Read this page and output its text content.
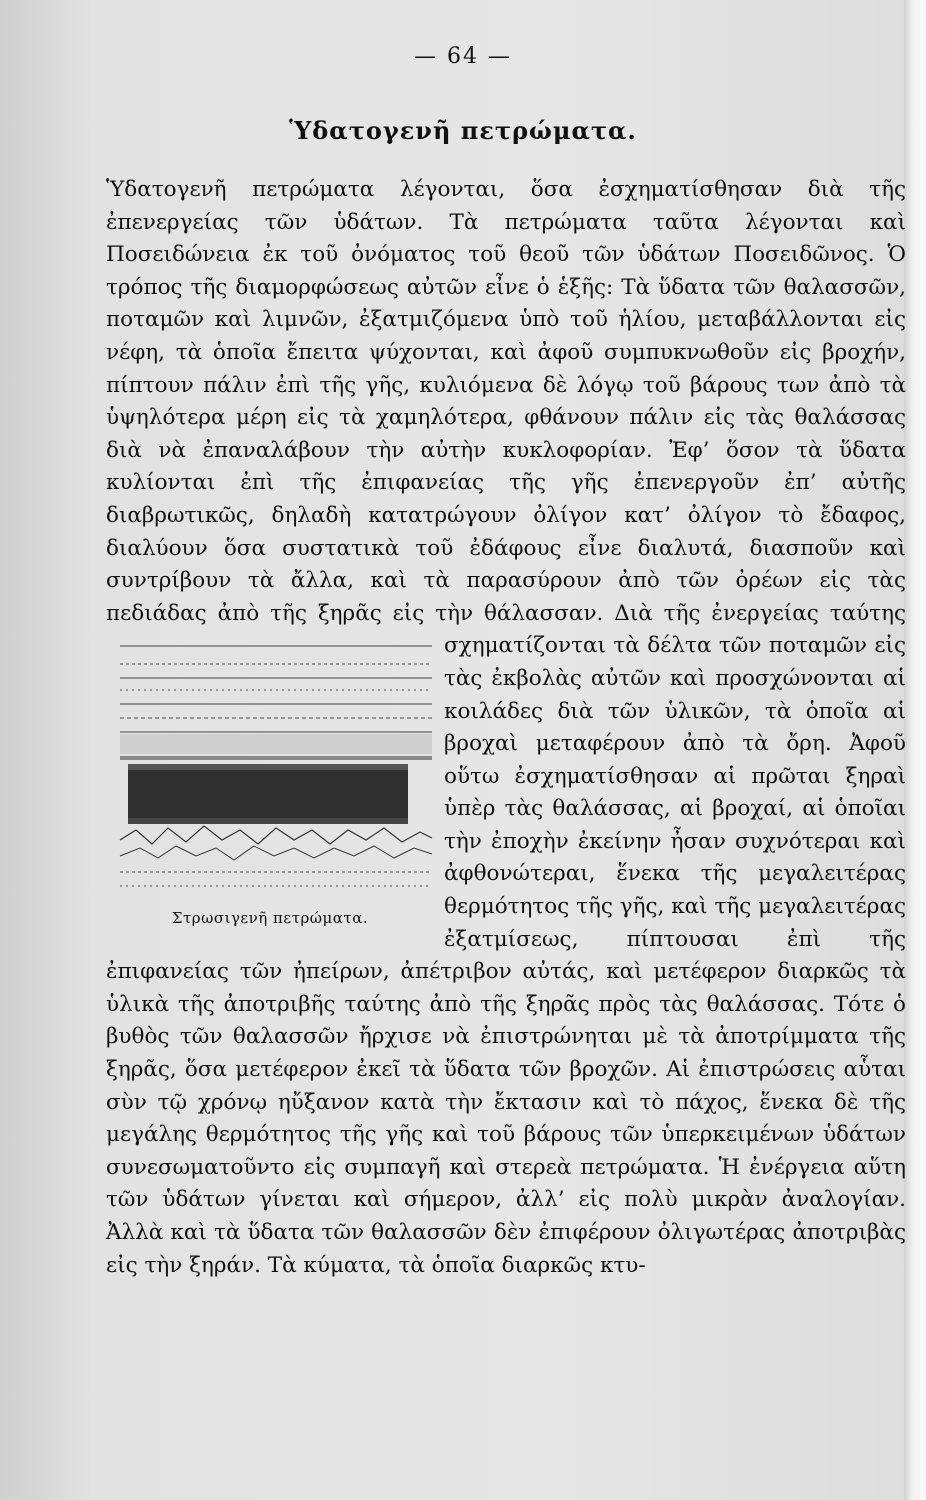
— 64 —
Ὑδατογενῆ πετρώματα.
Ὑδατογενῆ πετρώματα λέγονται, ὅσα ἐσχηματίσθησαν διὰ τῆς ἐπενεργείας τῶν ὑδάτων. Τὰ πετρώματα ταῦτα λέγονται καὶ Ποσειδώνεια ἐκ τοῦ ὀνόματος τοῦ θεοῦ τῶν ὑδάτων Ποσειδῶνος. Ὁ τρόπος τῆς διαμορφώσεως αὐτῶν εἶνε ὁ ἑξῆς: Τὰ ὕδατα τῶν θαλασσῶν, ποταμῶν καὶ λιμνῶν, ἐξατμιζόμενα ὑπὸ τοῦ ἡλίου, μεταβάλλονται εἰς νέφη, τὰ ὁποῖα ἔπειτα ψύχονται, καὶ ἀφοῦ συμπυκνωθοῦν εἰς βροχήν, πίπτουν πάλιν ἐπὶ τῆς γῆς, κυλιόμενα δὲ λόγῳ τοῦ βάρους των ἀπὸ τὰ ὑψηλότερα μέρη εἰς τὰ χαμηλότερα, φθάνουν πάλιν εἰς τὰς θαλάσσας διὰ νὰ ἐπαναλάβουν τὴν αὐτὴν κυκλοφορίαν. Ἐφ’ ὅσον τὰ ὕδατα κυλίονται ἐπὶ τῆς ἐπιφανείας τῆς γῆς ἐπενεργοῦν ἐπ’ αὐτῆς διαβρωτικῶς, δηλαδὴ κατατρώγουν ὀλίγον κατ’ ὀλίγον τὸ ἔδαφος, διαλύουν ὅσα συστατικὰ τοῦ ἐδάφους εἶνε διαλυτά, διασποῦν καὶ συντρίβουν τὰ ἄλλα, καὶ τὰ παρασύρουν ἀπὸ τῶν ὀρέων εἰς τὰς πεδιάδας ἀπὸ τῆς ξηρᾶς εἰς τὴν θάλασσαν.
Στρωσιγενῆ πετρώματα.
Διὰ τῆς ἐνεργείας ταύτης σχηματίζονται τὰ δέλτα τῶν ποταμῶν εἰς τὰς ἐκβολὰς αὐτῶν καὶ προσχώνονται αἱ κοιλάδες διὰ τῶν ὑλικῶν, τὰ ὁποῖα αἱ βροχαὶ μεταφέρουν ἀπὸ τὰ ὄρη. Ἀφοῦ οὕτω ἐσχηματίσθησαν αἱ πρῶται ξηραὶ ὑπὲρ τὰς θαλάσσας, αἱ βροχαί, αἱ ὁποῖαι τὴν ἐποχὴν ἐκείνην ἦσαν συχνότεραι καὶ ἀφθονώτεραι, ἕνεκα τῆς μεγαλειτέρας θερμότητος τῆς γῆς, καὶ τῆς μεγαλειτέρας ἐξατμίσεως, πίπτουσαι ἐπὶ τῆς ἐπιφανείας τῶν ἠπείρων, ἀπέτριβον αὐτάς, καὶ μετέφερον διαρκῶς τὰ ὑλικὰ τῆς ἀποτριβῆς ταύτης ἀπὸ τῆς ξηρᾶς πρὸς τὰς θαλάσσας. Τότε ὁ βυθὸς τῶν θαλασσῶν ἤρχισε νὰ ἐπιστρώνηται μὲ τὰ ἀποτρίμματα τῆς ξηρᾶς, ὅσα μετέφερον ἐκεῖ τὰ ὕδατα τῶν βροχῶν. Αἱ ἐπιστρώσεις αὗται σὺν τῷ χρόνῳ ηὔξανον κατὰ τὴν ἔκτασιν καὶ τὸ πάχος, ἕνεκα δὲ τῆς μεγάλης θερμότητος τῆς γῆς καὶ τοῦ βάρους τῶν ὑπερκειμένων ὑδάτων συνεσωματοῦντο εἰς συμπαγῆ καὶ στερεὰ πετρώματα. Ἡ ἐνέργεια αὕτη τῶν ὑδάτων γίνεται καὶ σήμερον, ἀλλ’ εἰς πολὺ μικρὰν ἀναλογίαν. Ἀλλὰ καὶ τὰ ὕδατα τῶν θαλασσῶν δὲν ἐπιφέρουν ὀλιγωτέρας ἀποτριβὰς εἰς τὴν ξηράν. Τὰ κύματα, τὰ ὁποῖα διαρκῶς κτυ-
